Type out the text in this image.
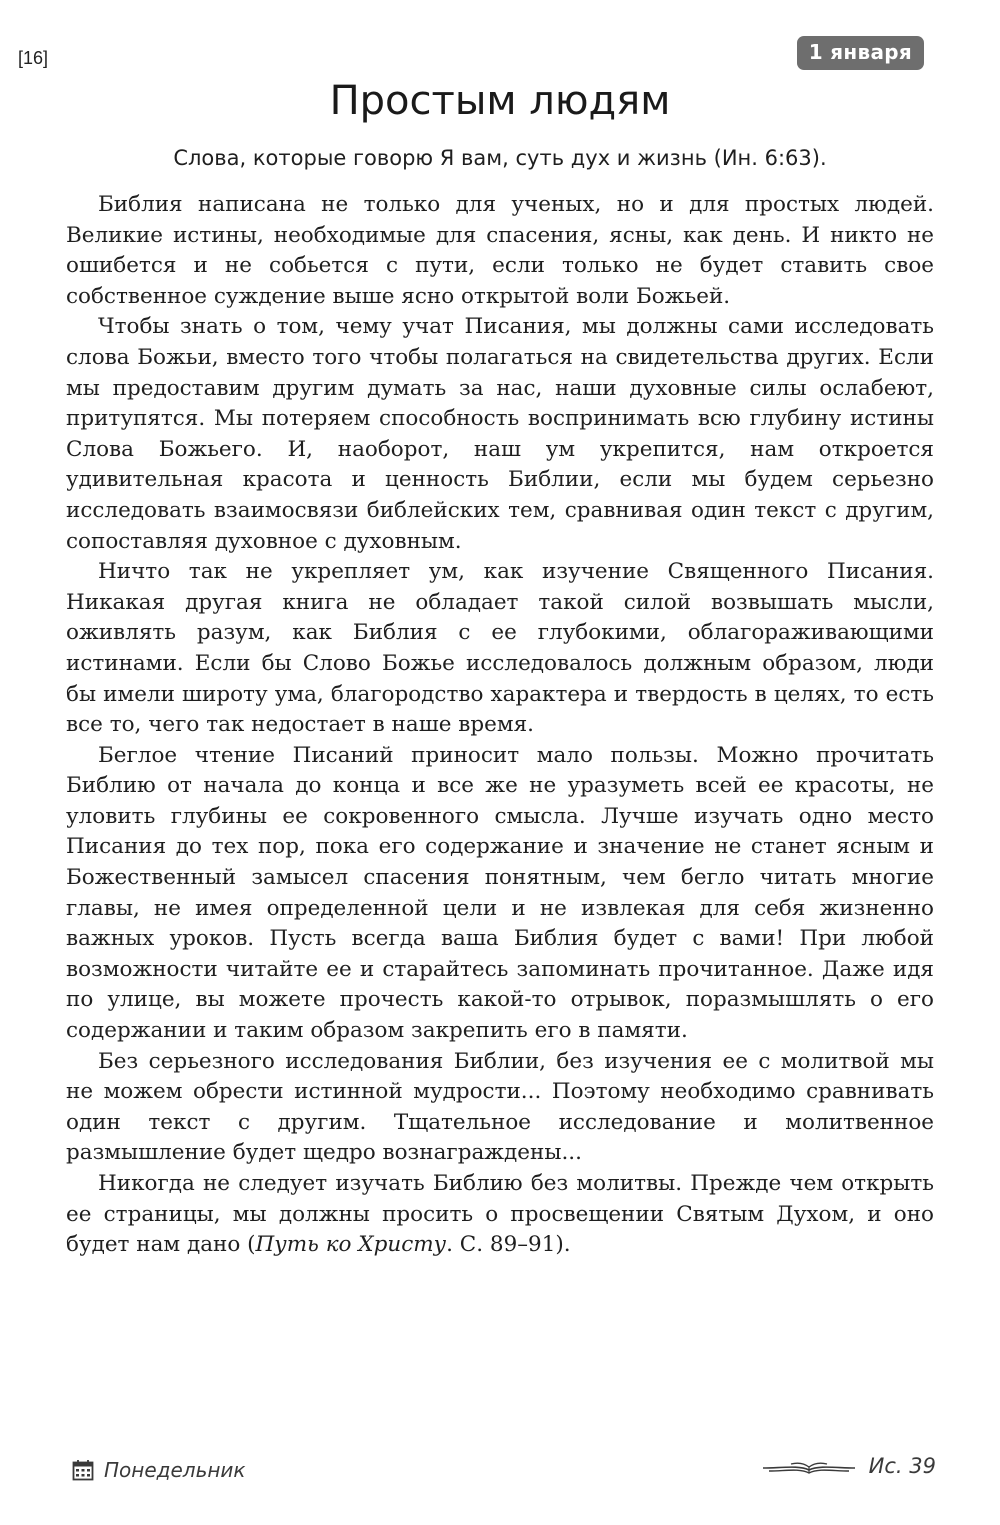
[16]	1 января
Простым людям

Слова, которые говорю Я вам, суть дух и жизнь (Ин. 6:63).

Библия написана не только для ученых, но и для простых людей. Великие истины, необходимые для спасения, ясны, как день. И никто не ошибется и не собьется с пути, если только не будет ставить свое собственное суждение выше ясно открытой воли Божьей.

Чтобы знать о том, чему учат Писания, мы должны сами исследовать слова Божьи, вместо того чтобы полагаться на свидетельства других. Если мы предоставим другим думать за нас, наши духовные силы ослабеют, притупятся. Мы потеряем способность воспринимать всю глубину истины Слова Божьего. И, наоборот, наш ум укрепится, нам откроется удивительная красота и ценность Библии, если мы будем серьезно исследовать взаимосвязи библейских тем, сравнивая один текст с другим, сопоставляя духовное с духовным.

Ничто так не укрепляет ум, как изучение Священного Писания. Никакая другая книга не обладает такой силой возвышать мысли, оживлять разум, как Библия с ее глубокими, облагораживающими истинами. Если бы Слово Божье исследовалось должным образом, люди бы имели широту ума, благородство характера и твердость в целях, то есть все то, чего так недостает в наше время.

Беглое чтение Писаний приносит мало пользы. Можно прочитать Библию от начала до конца и все же не уразуметь всей ее красоты, не уловить глубины ее сокровенного смысла. Лучше изучать одно место Писания до тех пор, пока его содержание и значение не станет ясным и Божественный замысел спасения понятным, чем бегло читать многие главы, не имея определенной цели и не извлекая для себя жизненно важных уроков. Пусть всегда ваша Библия будет с вами! При любой возможности читайте ее и старайтесь запоминать прочитанное. Даже идя по улице, вы можете прочесть какой-то отрывок, поразмышлять о его содержании и таким образом закрепить его в памяти.

Без серьезного исследования Библии, без изучения ее с молитвой мы не можем обрести истинной мудрости... Поэтому необходимо сравнивать один текст с другим. Тщательное исследование и молитвенное размышление будет щедро вознаграждены...

Никогда не следует изучать Библию без молитвы. Прежде чем открыть ее страницы, мы должны просить о просвещении Святым Духом, и оно будет нам дано (Путь ко Христу. С. 89–91).

Понедельник	Ис. 39
